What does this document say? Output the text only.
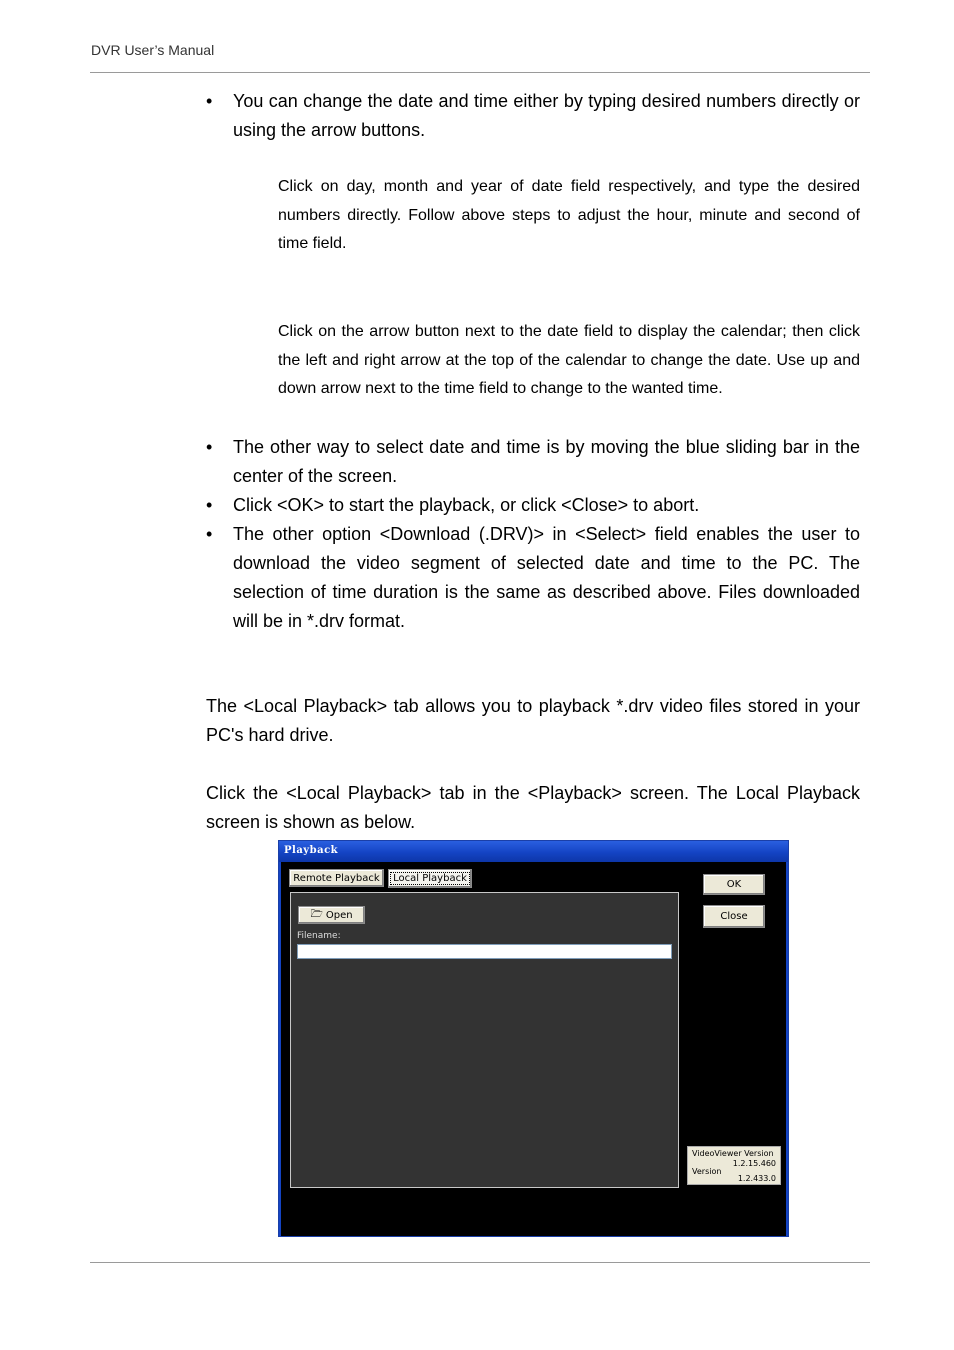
DVR User’s Manual
•	You can change the date and time either by typing desired numbers directly or using the arrow buttons.
Click on day, month and year of date field respectively, and type the desired numbers directly. Follow above steps to adjust the hour, minute and second of time field.
Click on the arrow button next to the date field to display the calendar; then click the left and right arrow at the top of the calendar to change the date. Use up and down arrow next to the time field to change to the wanted time.
•	The other way to select date and time is by moving the blue sliding bar in the center of the screen.
•	Click <OK> to start the playback, or click <Close> to abort.
•	The other option <Download (.DRV)> in <Select> field enables the user to download the video segment of selected date and time to the PC. The selection of time duration is the same as described above. Files downloaded will be in *.drv format.
The <Local Playback> tab allows you to playback *.drv video files stored in your PC's hard drive.
Click the <Local Playback> tab in the <Playback> screen. The Local Playback screen is shown as below.
Playback
Remote Playback	Local Playback
OK
Close
🗁 Open
Filename:
VideoViewer Version
1.2.15.460
Version
1.2.433.0
